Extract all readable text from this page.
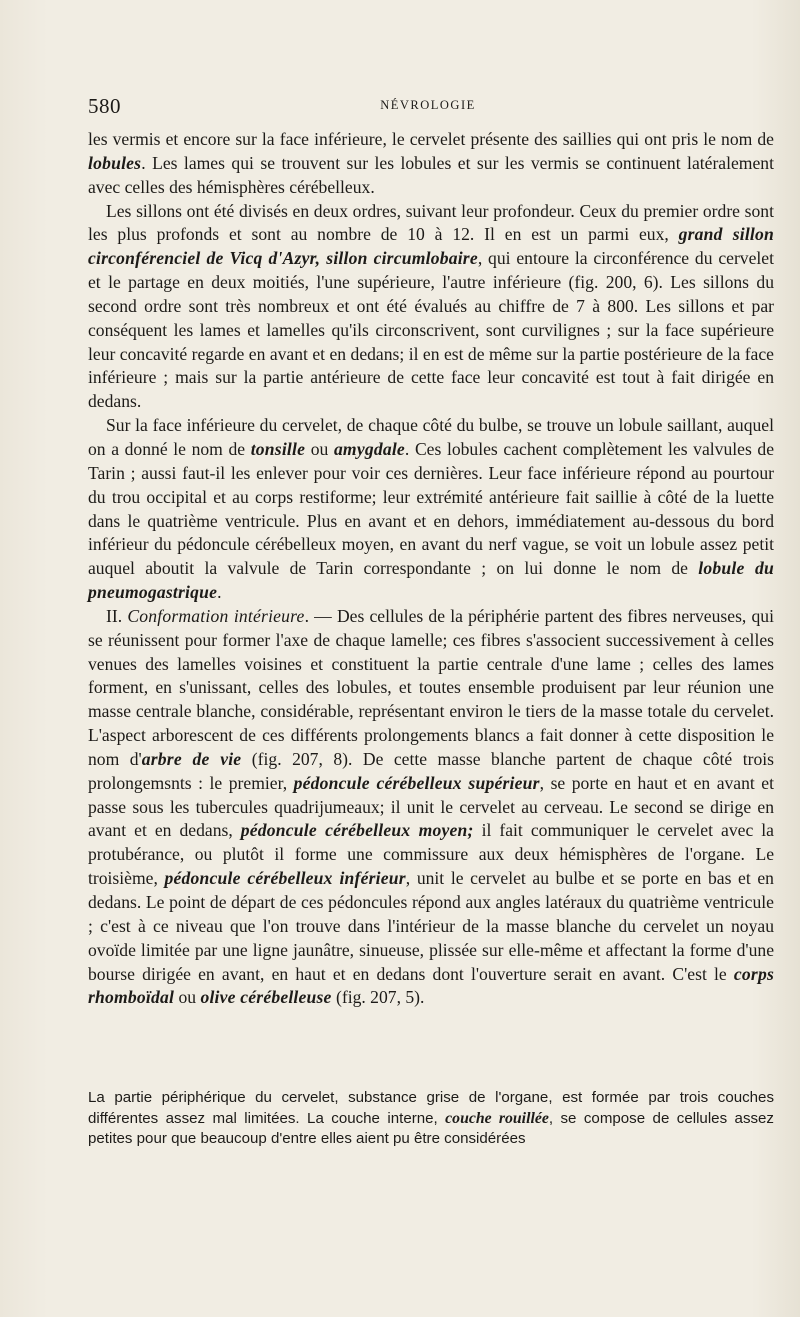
580	NÉVROLOGIE

les vermis et encore sur la face inférieure, le cervelet présente des saillies qui ont pris le nom de lobules. Les lames qui se trouvent sur les lobules et sur les vermis se continuent latéralement avec celles des hémisphères cérébelleux.

Les sillons ont été divisés en deux ordres, suivant leur profondeur. Ceux du premier ordre sont les plus profonds et sont au nombre de 10 à 12. Il en est un parmi eux, grand sillon circonférenciel de Vicq d'Azyr, sillon circumlobaire, qui entoure la circonférence du cervelet et le partage en deux moitiés, l'une supérieure, l'autre inférieure (fig. 200, 6). Les sillons du second ordre sont très nombreux et ont été évalués au chiffre de 7 à 800. Les sillons et par conséquent les lames et lamelles qu'ils circonscrivent, sont curvilignes ; sur la face supérieure leur concavité regarde en avant et en dedans; il en est de même sur la partie postérieure de la face inférieure ; mais sur la partie antérieure de cette face leur concavité est tout à fait dirigée en dedans.

Sur la face inférieure du cervelet, de chaque côté du bulbe, se trouve un lobule saillant, auquel on a donné le nom de tonsille ou amygdale. Ces lobules cachent complètement les valvules de Tarin ; aussi faut-il les enlever pour voir ces dernières. Leur face inférieure répond au pourtour du trou occipital et au corps restiforme; leur extrémité antérieure fait saillie à côté de la luette dans le quatrième ventricule. Plus en avant et en dehors, immédiatement au-dessous du bord inférieur du pédoncule cérébelleux moyen, en avant du nerf vague, se voit un lobule assez petit auquel aboutit la valvule de Tarin correspondante ; on lui donne le nom de lobule du pneumogastrique.

II. Conformation intérieure. — Des cellules de la périphérie partent des fibres nerveuses, qui se réunissent pour former l'axe de chaque lamelle; ces fibres s'associent successivement à celles venues des lamelles voisines et constituent la partie centrale d'une lame ; celles des lames forment, en s'unissant, celles des lobules, et toutes ensemble produisent par leur réunion une masse centrale blanche, considérable, représentant environ le tiers de la masse totale du cervelet. L'aspect arborescent de ces différents prolongements blancs a fait donner à cette disposition le nom d'arbre de vie (fig. 207, 8). De cette masse blanche partent de chaque côté trois prolongemsnts : le premier, pédoncule cérébelleux supérieur, se porte en haut et en avant et passe sous les tubercules quadrijumeaux; il unit le cervelet au cerveau. Le second se dirige en avant et en dedans, pédoncule cérébelleux moyen; il fait communiquer le cervelet avec la protubérance, ou plutôt il forme une commissure aux deux hémisphères de l'organe. Le troisième, pédoncule cérébelleux inférieur, unit le cervelet au bulbe et se porte en bas et en dedans. Le point de départ de ces pédoncules répond aux angles latéraux du quatrième ventricule ; c'est à ce niveau que l'on trouve dans l'intérieur de la masse blanche du cervelet un noyau ovoïde limitée par une ligne jaunâtre, sinueuse, plissée sur elle-même et affectant la forme d'une bourse dirigée en avant, en haut et en dedans dont l'ouverture serait en avant. C'est le corps rhomboïdal ou olive cérébelleuse (fig. 207, 5).

La partie périphérique du cervelet, substance grise de l'organe, est formée par trois couches différentes assez mal limitées. La couche interne, couche rouillée, se compose de cellules assez petites pour que beaucoup d'entre elles aient pu être considérées
